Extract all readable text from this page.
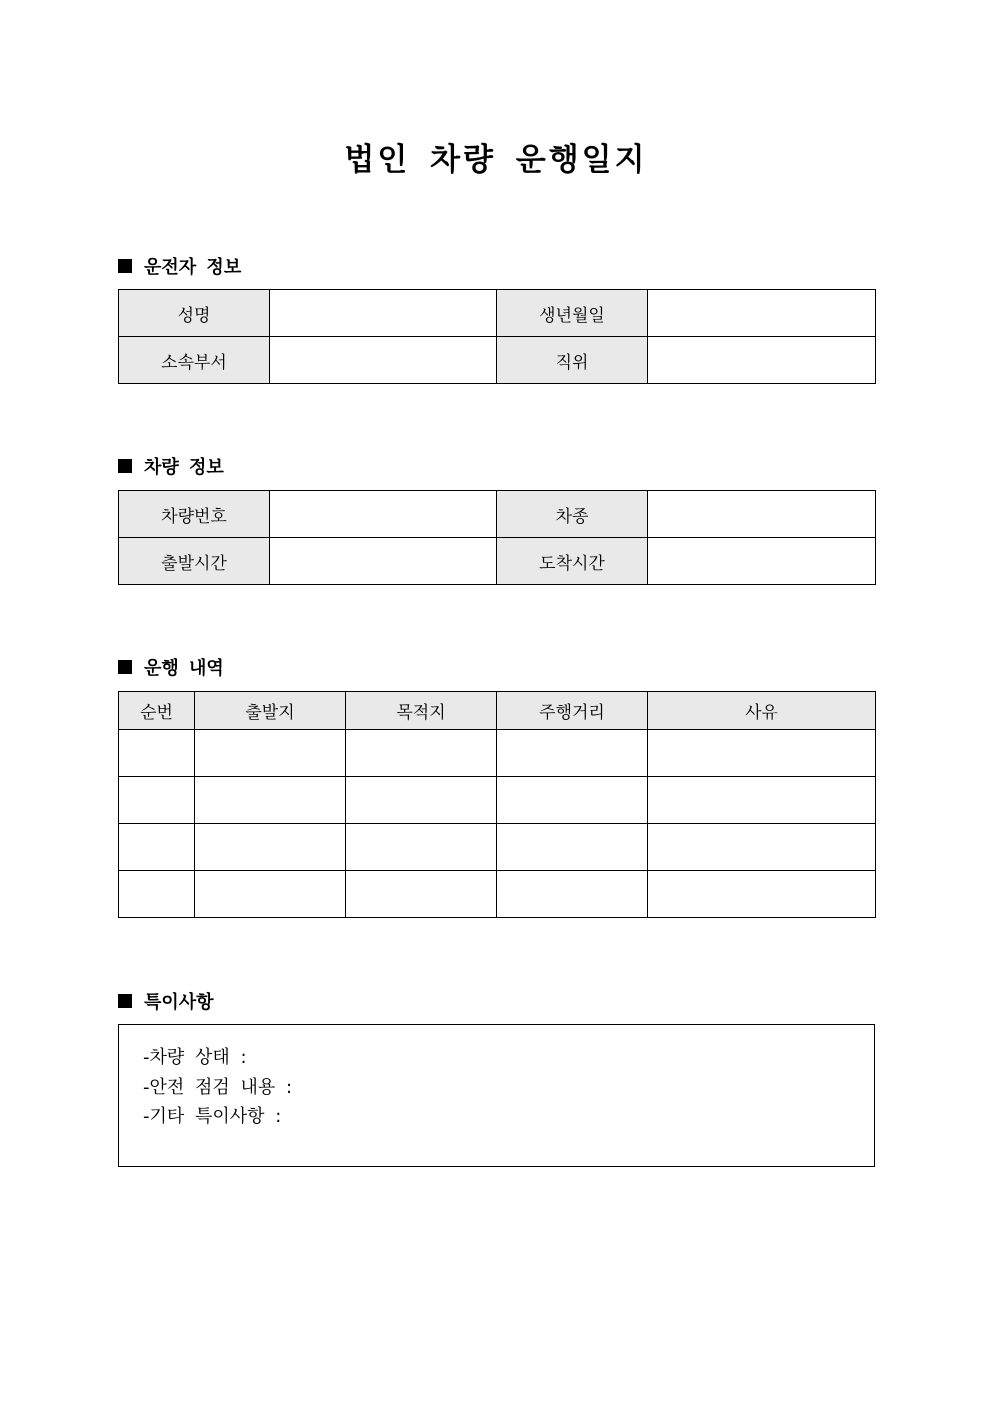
법인 차량 운행일지
운전자 정보
성명		생년월일	
소속부서		직위	
차량 정보
차량번호		차종	
출발시간		도착시간	
운행 내역
순번	출발지	목적지	주행거리	사유

특이사항
-차량 상태 :
-안전 점검 내용 :
-기타 특이사항 :
